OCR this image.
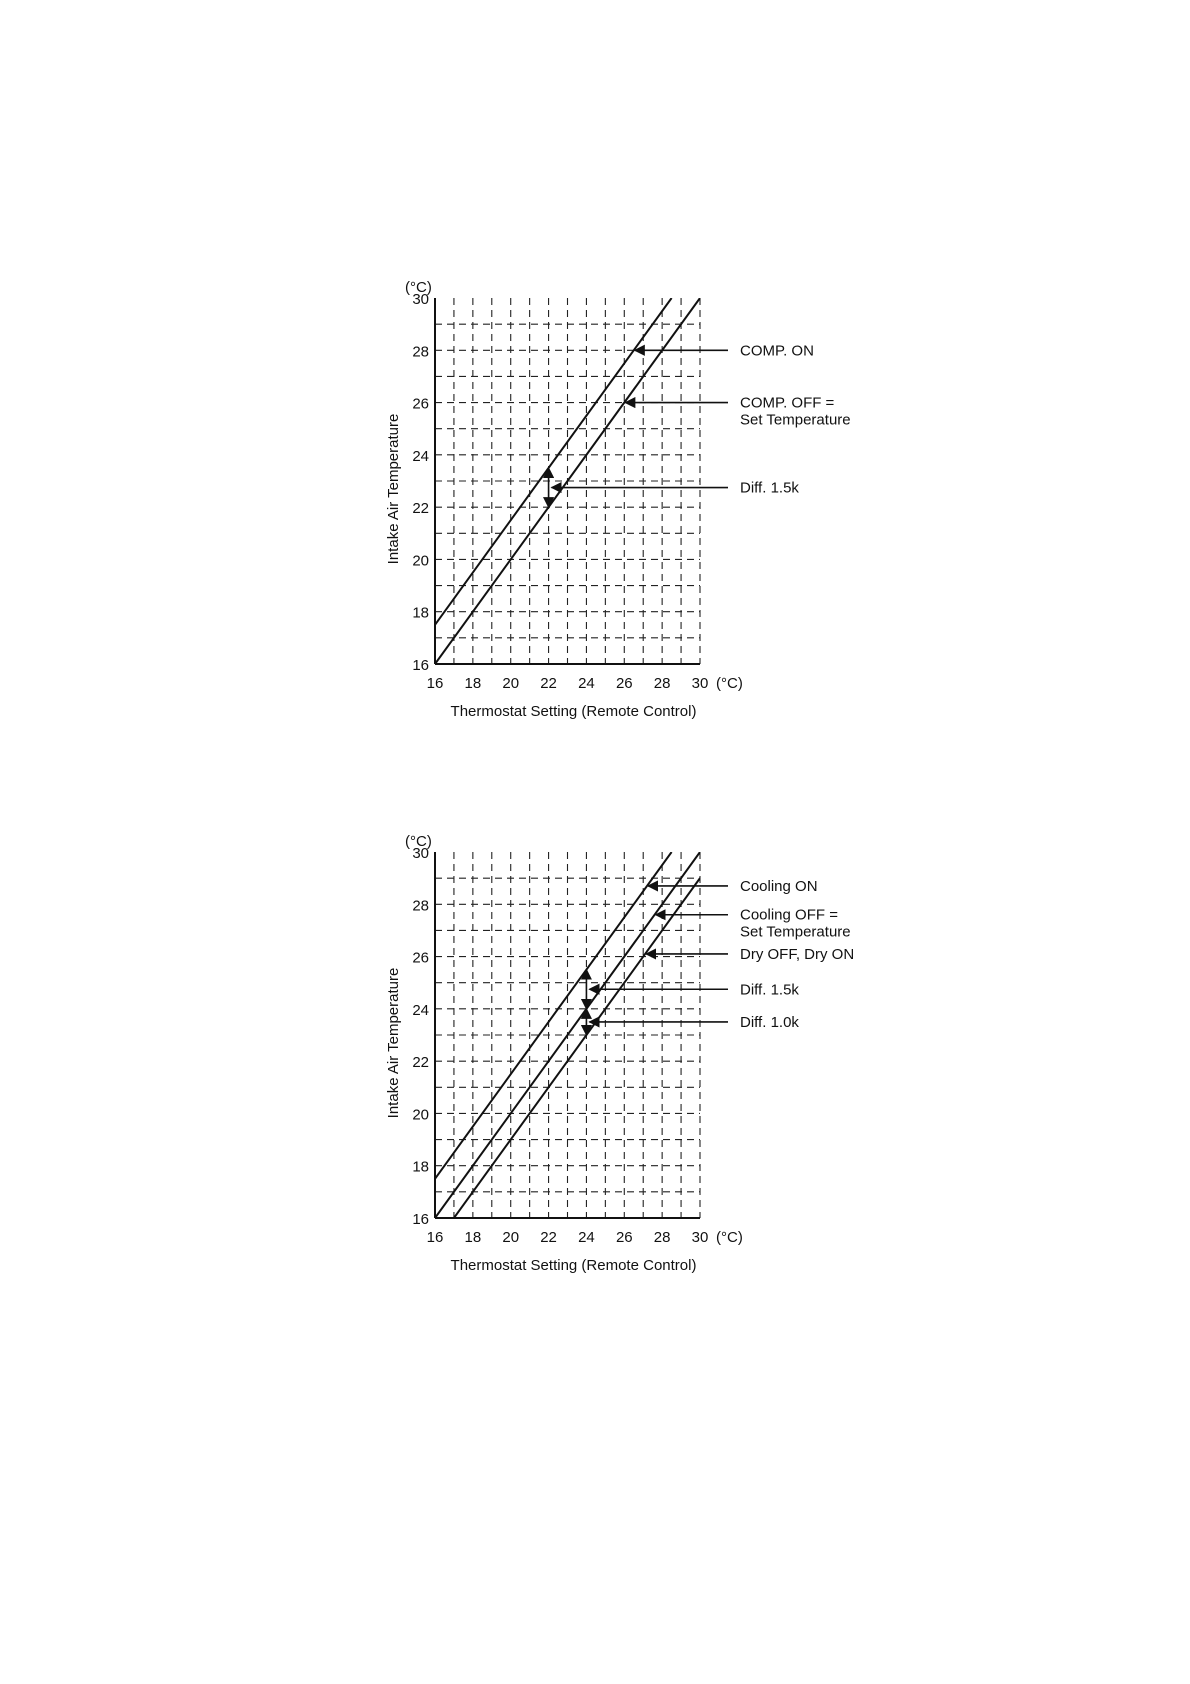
16
18
20
22
24
26
28
30
16 18 20 22 24 26 28 30
(°C)
(°C)
Thermostat Setting (Remote Control)
Intake Air Temperature
COMP. ON
COMP. OFF = Set Temperature
Diff. 1.5k
16
18
20
22
24
26
28
30
16 18 20 22 24 26 28 30
(°C)
(°C)
Thermostat Setting (Remote Control)
Intake Air Temperature
Cooling ON
Cooling OFF = Set Temperature
Dry OFF, Dry ON
Diff. 1.5k
Diff. 1.0k
